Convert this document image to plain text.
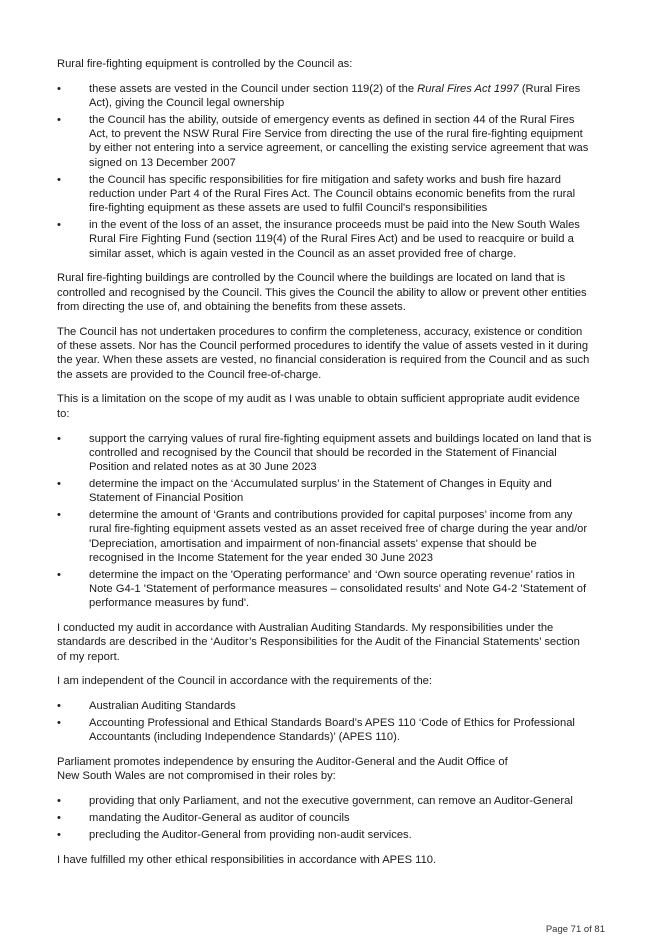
Rural fire-fighting equipment is controlled by the Council as:

•	these assets are vested in the Council under section 119(2) of the Rural Fires Act 1997 (Rural Fires Act), giving the Council legal ownership
•	the Council has the ability, outside of emergency events as defined in section 44 of the Rural Fires Act, to prevent the NSW Rural Fire Service from directing the use of the rural fire-fighting equipment by either not entering into a service agreement, or cancelling the existing service agreement that was signed on 13 December 2007
•	the Council has specific responsibilities for fire mitigation and safety works and bush fire hazard reduction under Part 4 of the Rural Fires Act. The Council obtains economic benefits from the rural fire-fighting equipment as these assets are used to fulfil Council's responsibilities
•	in the event of the loss of an asset, the insurance proceeds must be paid into the New South Wales Rural Fire Fighting Fund (section 119(4) of the Rural Fires Act) and be used to reacquire or build a similar asset, which is again vested in the Council as an asset provided free of charge.

Rural fire-fighting buildings are controlled by the Council where the buildings are located on land that is controlled and recognised by the Council. This gives the Council the ability to allow or prevent other entities from directing the use of, and obtaining the benefits from these assets.

The Council has not undertaken procedures to confirm the completeness, accuracy, existence or condition of these assets. Nor has the Council performed procedures to identify the value of assets vested in it during the year. When these assets are vested, no financial consideration is required from the Council and as such the assets are provided to the Council free-of-charge.

This is a limitation on the scope of my audit as I was unable to obtain sufficient appropriate audit evidence to:

•	support the carrying values of rural fire-fighting equipment assets and buildings located on land that is controlled and recognised by the Council that should be recorded in the Statement of Financial Position and related notes as at 30 June 2023
•	determine the impact on the ‘Accumulated surplus’ in the Statement of Changes in Equity and Statement of Financial Position
•	determine the amount of ‘Grants and contributions provided for capital purposes’ income from any rural fire-fighting equipment assets vested as an asset received free of charge during the year and/or 'Depreciation, amortisation and impairment of non-financial assets' expense that should be recognised in the Income Statement for the year ended 30 June 2023
•	determine the impact on the 'Operating performance' and ‘Own source operating revenue’ ratios in Note G4-1 'Statement of performance measures – consolidated results' and Note G4-2 'Statement of performance measures by fund'.

I conducted my audit in accordance with Australian Auditing Standards. My responsibilities under the standards are described in the ‘Auditor’s Responsibilities for the Audit of the Financial Statements’ section of my report.

I am independent of the Council in accordance with the requirements of the:

•	Australian Auditing Standards
•	Accounting Professional and Ethical Standards Board’s APES 110 ‘Code of Ethics for Professional Accountants (including Independence Standards)’ (APES 110).

Parliament promotes independence by ensuring the Auditor-General and the Audit Office of
New South Wales are not compromised in their roles by:

•	providing that only Parliament, and not the executive government, can remove an Auditor-General
•	mandating the Auditor-General as auditor of councils
•	precluding the Auditor-General from providing non-audit services.

I have fulfilled my other ethical responsibilities in accordance with APES 110.

Page 71 of 81
